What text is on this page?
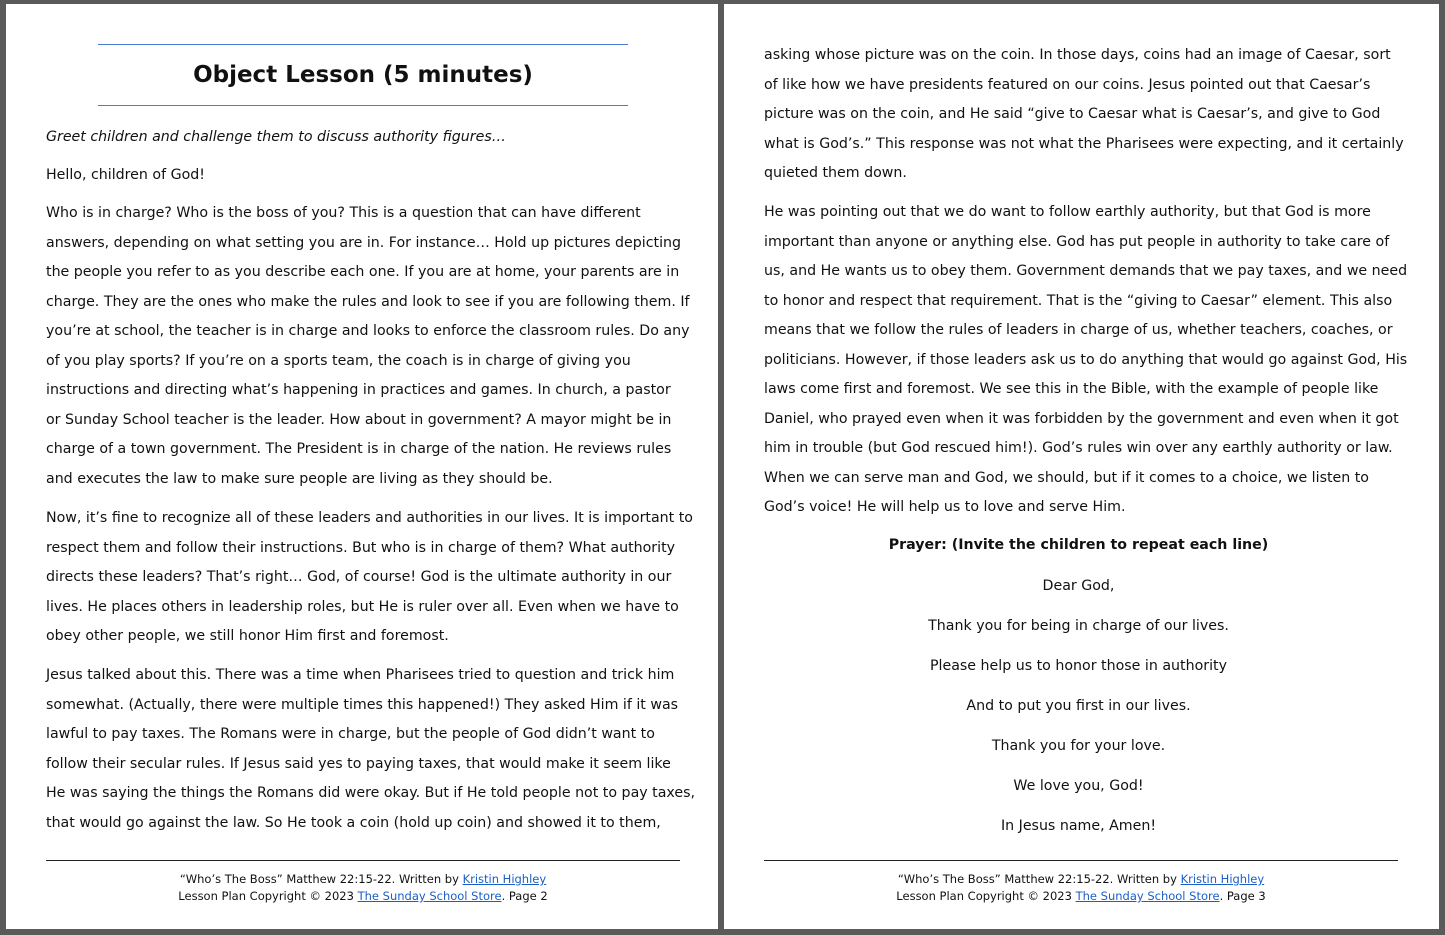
Object Lesson (5 minutes)

Greet children and challenge them to discuss authority figures…

Hello, children of God!

Who is in charge? Who is the boss of you? This is a question that can have different
answers, depending on what setting you are in. For instance… Hold up pictures depicting
the people you refer to as you describe each one. If you are at home, your parents are in
charge. They are the ones who make the rules and look to see if you are following them. If
you’re at school, the teacher is in charge and looks to enforce the classroom rules. Do any
of you play sports? If you’re on a sports team, the coach is in charge of giving you
instructions and directing what’s happening in practices and games. In church, a pastor
or Sunday School teacher is the leader. How about in government? A mayor might be in
charge of a town government. The President is in charge of the nation. He reviews rules
and executes the law to make sure people are living as they should be.

Now, it’s fine to recognize all of these leaders and authorities in our lives. It is important to
respect them and follow their instructions. But who is in charge of them? What authority
directs these leaders? That’s right… God, of course! God is the ultimate authority in our
lives. He places others in leadership roles, but He is ruler over all. Even when we have to
obey other people, we still honor Him first and foremost.

Jesus talked about this. There was a time when Pharisees tried to question and trick him
somewhat. (Actually, there were multiple times this happened!) They asked Him if it was
lawful to pay taxes. The Romans were in charge, but the people of God didn’t want to
follow their secular rules. If Jesus said yes to paying taxes, that would make it seem like
He was saying the things the Romans did were okay. But if He told people not to pay taxes,
that would go against the law. So He took a coin (hold up coin) and showed it to them,

“Who’s The Boss” Matthew 22:15-22. Written by Kristin Highley
Lesson Plan Copyright © 2023 The Sunday School Store. Page 2

asking whose picture was on the coin. In those days, coins had an image of Caesar, sort
of like how we have presidents featured on our coins. Jesus pointed out that Caesar’s
picture was on the coin, and He said “give to Caesar what is Caesar’s, and give to God
what is God’s.” This response was not what the Pharisees were expecting, and it certainly
quieted them down.

He was pointing out that we do want to follow earthly authority, but that God is more
important than anyone or anything else. God has put people in authority to take care of
us, and He wants us to obey them. Government demands that we pay taxes, and we need
to honor and respect that requirement. That is the “giving to Caesar” element. This also
means that we follow the rules of leaders in charge of us, whether teachers, coaches, or
politicians. However, if those leaders ask us to do anything that would go against God, His
laws come first and foremost. We see this in the Bible, with the example of people like
Daniel, who prayed even when it was forbidden by the government and even when it got
him in trouble (but God rescued him!). God’s rules win over any earthly authority or law.
When we can serve man and God, we should, but if it comes to a choice, we listen to
God’s voice! He will help us to love and serve Him.

Prayer: (Invite the children to repeat each line)

Dear God,

Thank you for being in charge of our lives.

Please help us to honor those in authority

And to put you first in our lives.

Thank you for your love.

We love you, God!

In Jesus name, Amen!

“Who’s The Boss” Matthew 22:15-22. Written by Kristin Highley
Lesson Plan Copyright © 2023 The Sunday School Store. Page 3
